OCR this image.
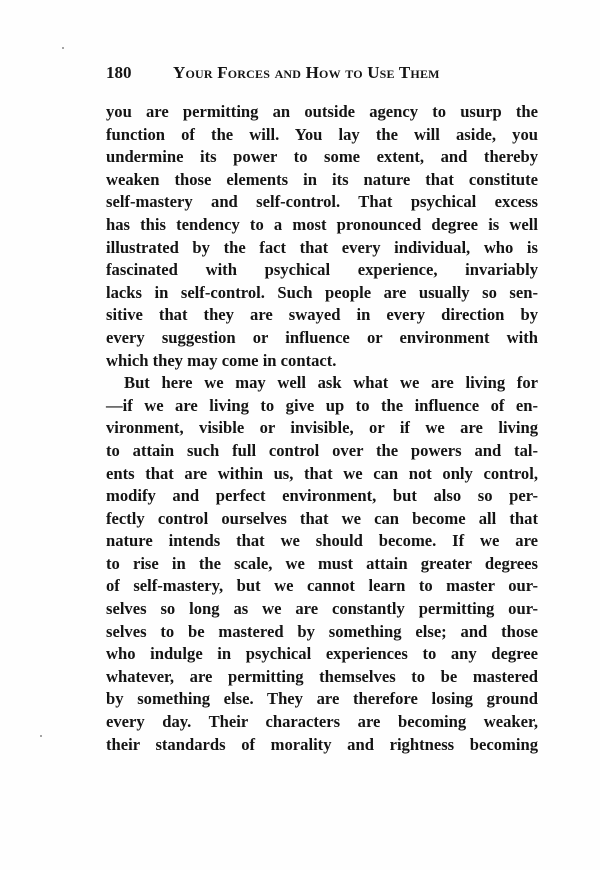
180 Your Forces and How to Use Them
you are permitting an outside agency to usurp the
function of the will. You lay the will aside, you
undermine its power to some extent, and thereby
weaken those elements in its nature that constitute
self-mastery and self-control. That psychical excess
has this tendency to a most pronounced degree is well
illustrated by the fact that every individual, who is
fascinated with psychical experience, invariably
lacks in self-control. Such people are usually so sen-
sitive that they are swayed in every direction by
every suggestion or influence or environment with
which they may come in contact.
But here we may well ask what we are living for
—if we are living to give up to the influence of en-
vironment, visible or invisible, or if we are living
to attain such full control over the powers and tal-
ents that are within us, that we can not only control,
modify and perfect environment, but also so per-
fectly control ourselves that we can become all that
nature intends that we should become. If we are
to rise in the scale, we must attain greater degrees
of self-mastery, but we cannot learn to master our-
selves so long as we are constantly permitting our-
selves to be mastered by something else; and those
who indulge in psychical experiences to any degree
whatever, are permitting themselves to be mastered
by something else. They are therefore losing ground
every day. Their characters are becoming weaker,
their standards of morality and rightness becoming
